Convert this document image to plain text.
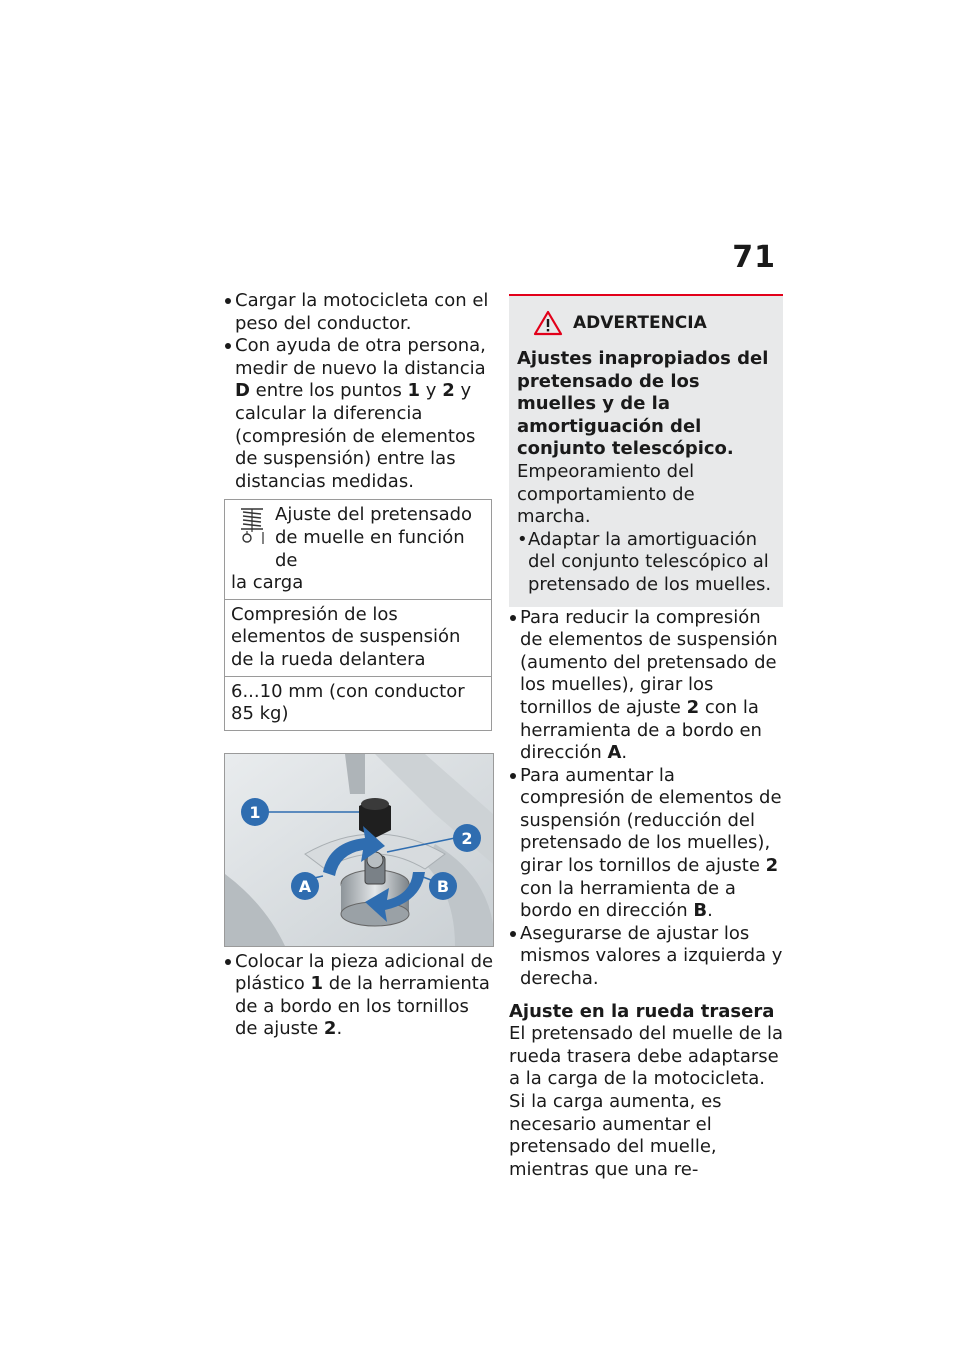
71
Cargar la motocicleta con el peso del conductor.
Con ayuda de otra persona, medir de nuevo la distancia D entre los puntos 1 y 2 y calcular la diferencia (compresión de elementos de suspensión) entre las distancias medidas.
Ajuste del pretensado
de muelle en función de
la carga
Compresión de los elementos de suspensión de la rueda delantera
6...10 mm (con conductor 85 kg)
1
2
A	B
Colocar la pieza adicional de plástico 1 de la herramienta de a bordo en los tornillos de ajuste 2.
ADVERTENCIA
Ajustes inapropiados del pretensado de los muelles y de la amortiguación del conjunto telescópico.
Empeoramiento del comportamiento de marcha.
• Adaptar la amortiguación del conjunto telescópico al pretensado de los muelles.
Para reducir la compresión de elementos de suspensión (aumento del pretensado de los muelles), girar los tornillos de ajuste 2 con la herramienta de a bordo en dirección A.
Para aumentar la compresión de elementos de suspensión (reducción del pretensado de los muelles), girar los tornillos de ajuste 2 con la herramienta de a bordo en dirección B.
Asegurarse de ajustar los mismos valores a izquierda y derecha.
Ajuste en la rueda trasera
El pretensado del muelle de la rueda trasera debe adaptarse a la carga de la motocicleta. Si la carga aumenta, es necesario aumentar el pretensado del muelle, mientras que una re-
